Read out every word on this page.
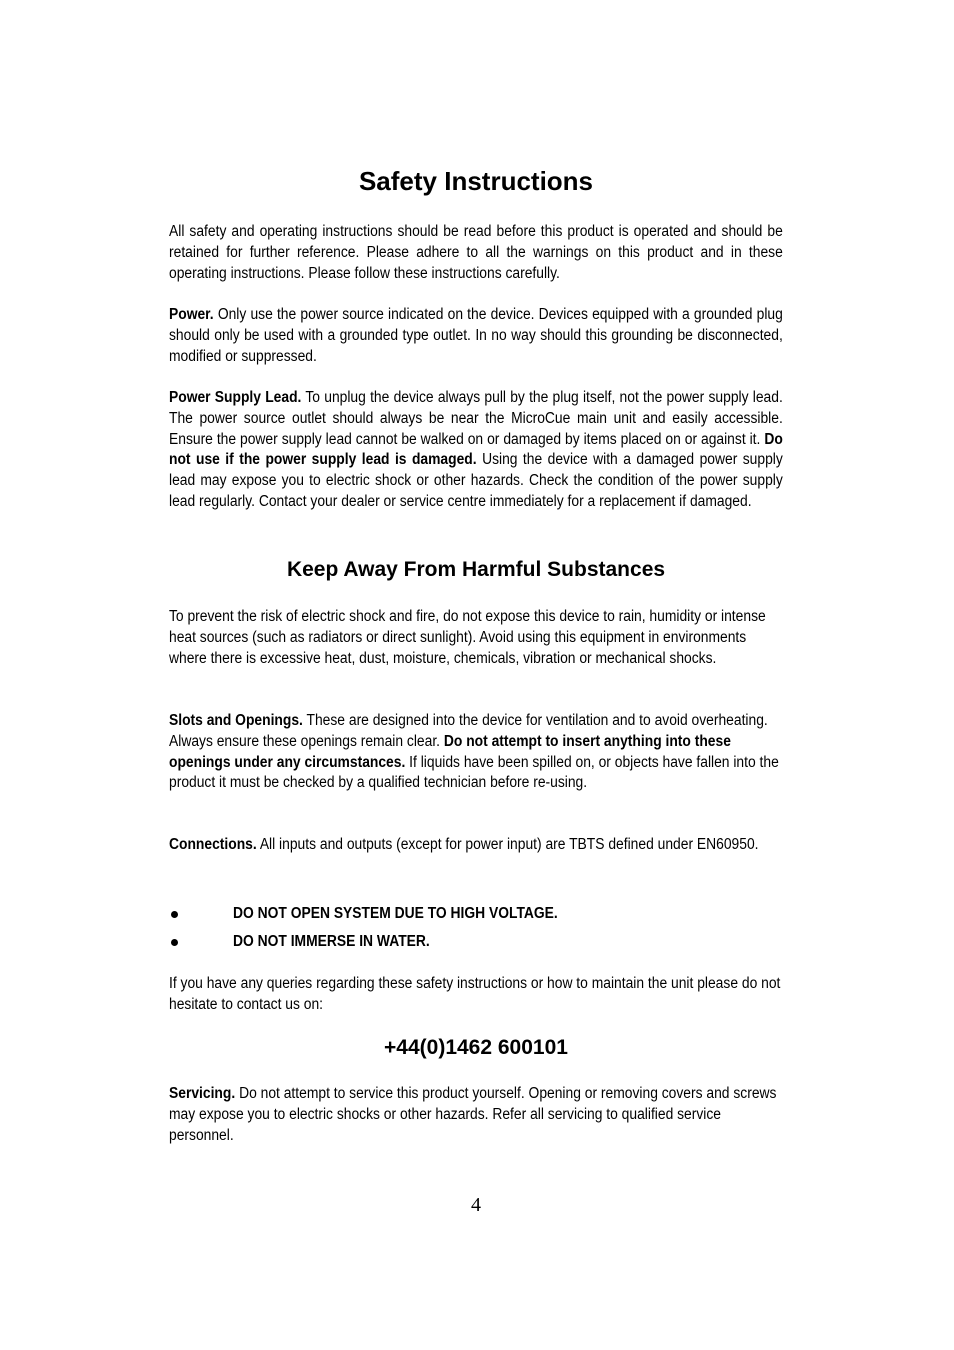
Safety Instructions

All safety and operating instructions should be read before this product is operated and should be retained for further reference. Please adhere to all the warnings on this product and in these operating instructions. Please follow these instructions carefully.

Power. Only use the power source indicated on the device. Devices equipped with a grounded plug should only be used with a grounded type outlet. In no way should this grounding be disconnected, modified or suppressed.

Power Supply Lead. To unplug the device always pull by the plug itself, not the power supply lead. The power source outlet should always be near the MicroCue main unit and easily accessible. Ensure the power supply lead cannot be walked on or damaged by items placed on or against it. Do not use if the power supply lead is damaged. Using the device with a damaged power supply lead may expose you to electric shock or other hazards. Check the condition of the power supply lead regularly. Contact your dealer or service centre immediately for a replacement if damaged.

Keep Away From Harmful Substances

To prevent the risk of electric shock and fire, do not expose this device to rain, humidity or intense heat sources (such as radiators or direct sunlight). Avoid using this equipment in environments where there is excessive heat, dust, moisture, chemicals, vibration or mechanical shocks.

Slots and Openings. These are designed into the device for ventilation and to avoid overheating. Always ensure these openings remain clear. Do not attempt to insert anything into these openings under any circumstances. If liquids have been spilled on, or objects have fallen into the product it must be checked by a qualified technician before re-using.

Connections. All inputs and outputs (except for power input) are TBTS defined under EN60950.

DO NOT OPEN SYSTEM DUE TO HIGH VOLTAGE.
DO NOT IMMERSE IN WATER.

If you have any queries regarding these safety instructions or how to maintain the unit please do not hesitate to contact us on:

+44(0)1462 600101

Servicing. Do not attempt to service this product yourself. Opening or removing covers and screws may expose you to electric shocks or other hazards. Refer all servicing to qualified service personnel.

4
